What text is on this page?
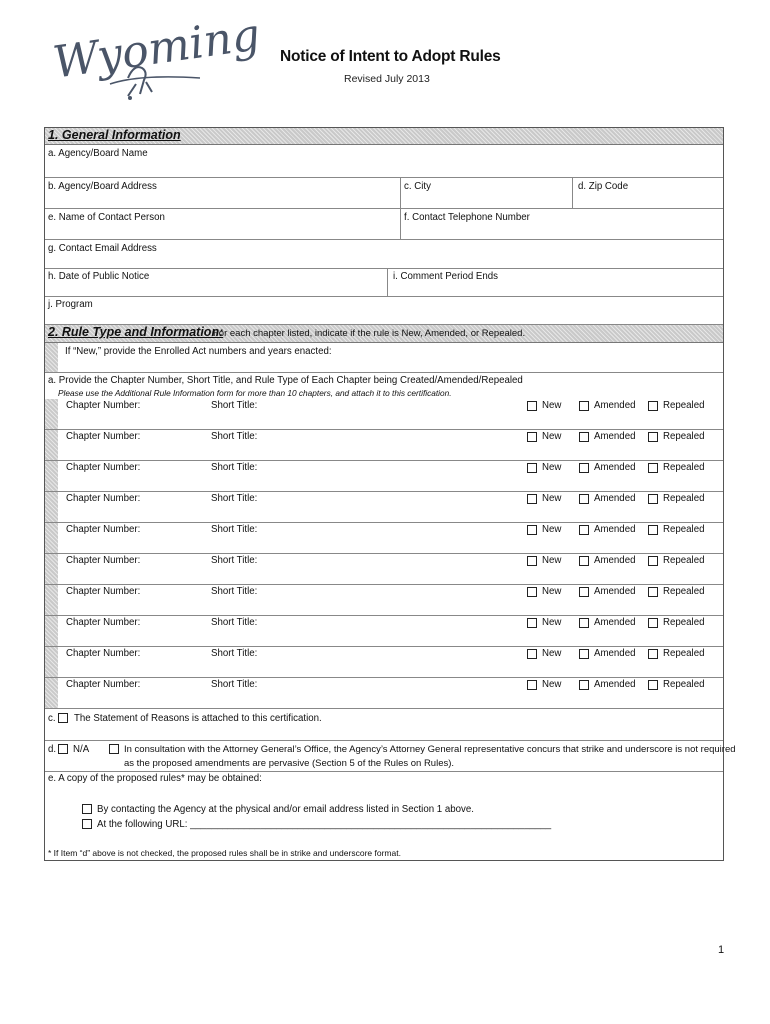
Wyoming Notice of Intent to Adopt Rules
Revised July 2013
1. General Information
a. Agency/Board Name
b. Agency/Board Address	c. City	d. Zip Code
e. Name of Contact Person	f. Contact Telephone Number
g. Contact Email Address
h. Date of Public Notice	i. Comment Period Ends
j. Program
2. Rule Type and Information:
For each chapter listed, indicate if the rule is New, Amended, or Repealed.
If “New,” provide the Enrolled Act numbers and years enacted:
a. Provide the Chapter Number, Short Title, and Rule Type of Each Chapter being Created/Amended/Repealed
Please use the Additional Rule Information form for more than 10 chapters, and attach it to this certification.
Chapter Number:	Short Title:	New	Amended	Repealed
Chapter Number:	Short Title:	New	Amended	Repealed
Chapter Number:	Short Title:	New	Amended	Repealed
Chapter Number:	Short Title:	New	Amended	Repealed
Chapter Number:	Short Title:	New	Amended	Repealed
Chapter Number:	Short Title:	New	Amended	Repealed
Chapter Number:	Short Title:	New	Amended	Repealed
Chapter Number:	Short Title:	New	Amended	Repealed
Chapter Number:	Short Title:	New	Amended	Repealed
Chapter Number:	Short Title:	New	Amended	Repealed
c. The Statement of Reasons is attached to this certification.
d. N/A	In consultation with the Attorney General’s Office, the Agency’s Attorney General representative concurs that strike and underscore is not required
as the proposed amendments are pervasive (Section 5 of the Rules on Rules).
e. A copy of the proposed rules* may be obtained:
By contacting the Agency at the physical and/or email address listed in Section 1 above.
At the following URL: ___________________________________________________________________
* If Item “d” above is not checked, the proposed rules shall be in strike and underscore format.
1
